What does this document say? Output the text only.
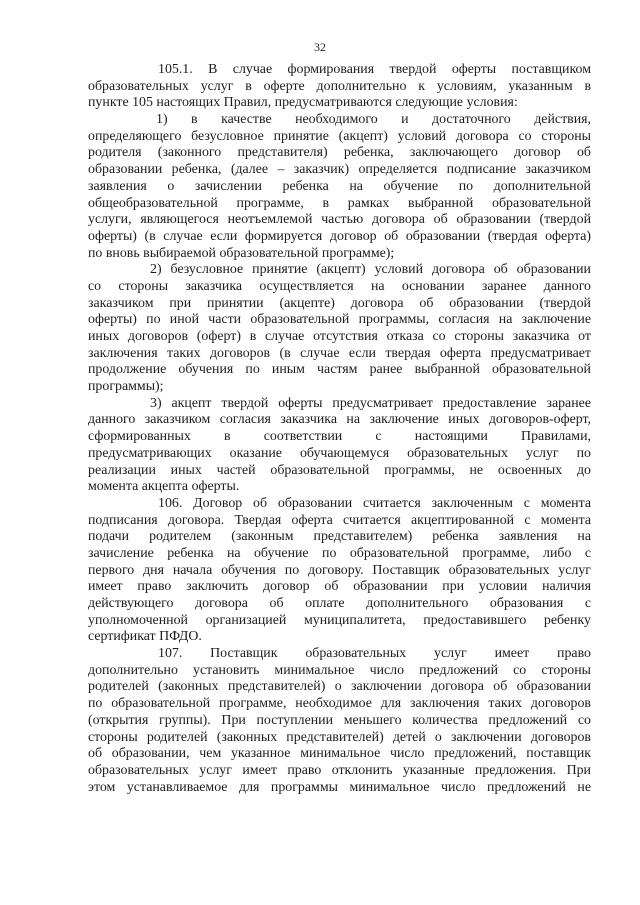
32
105.1. В случае формирования твердой оферты поставщиком
образовательных услуг в оферте дополнительно к условиям, указанным в
пункте 105 настоящих Правил, предусматриваются следующие условия:
1) в качестве необходимого и достаточного действия,
определяющего безусловное принятие (акцепт) условий договора со стороны
родителя (законного представителя) ребенка, заключающего договор об
образовании ребенка, (далее – заказчик) определяется подписание заказчиком
заявления о зачислении ребенка на обучение по дополнительной
общеобразовательной программе, в рамках выбранной образовательной
услуги, являющегося неотъемлемой частью договора об образовании (твердой
оферты) (в случае если формируется договор об образовании (твердая оферта)
по вновь выбираемой образовательной программе);
2) безусловное принятие (акцепт) условий договора об образовании
со стороны заказчика осуществляется на основании заранее данного
заказчиком при принятии (акцепте) договора об образовании (твердой
оферты) по иной части образовательной программы, согласия на заключение
иных договоров (оферт) в случае отсутствия отказа со стороны заказчика от
заключения таких договоров (в случае если твердая оферта предусматривает
продолжение обучения по иным частям ранее выбранной образовательной
программы);
3) акцепт твердой оферты предусматривает предоставление заранее
данного заказчиком согласия заказчика на заключение иных договоров-оферт,
сформированных в соответствии с настоящими Правилами,
предусматривающих оказание обучающемуся образовательных услуг по
реализации иных частей образовательной программы, не освоенных до
момента акцепта оферты.
106. Договор об образовании считается заключенным с момента
подписания договора. Твердая оферта считается акцептированной с момента
подачи родителем (законным представителем) ребенка заявления на
зачисление ребенка на обучение по образовательной программе, либо с
первого дня начала обучения по договору. Поставщик образовательных услуг
имеет право заключить договор об образовании при условии наличия
действующего договора об оплате дополнительного образования с
уполномоченной организацией муниципалитета, предоставившего ребенку
сертификат ПФДО.
107. Поставщик образовательных услуг имеет право
дополнительно установить минимальное число предложений со стороны
родителей (законных представителей) о заключении договора об образовании
по образовательной программе, необходимое для заключения таких договоров
(открытия группы). При поступлении меньшего количества предложений со
стороны родителей (законных представителей) детей о заключении договоров
об образовании, чем указанное минимальное число предложений, поставщик
образовательных услуг имеет право отклонить указанные предложения. При
этом устанавливаемое для программы минимальное число предложений не
